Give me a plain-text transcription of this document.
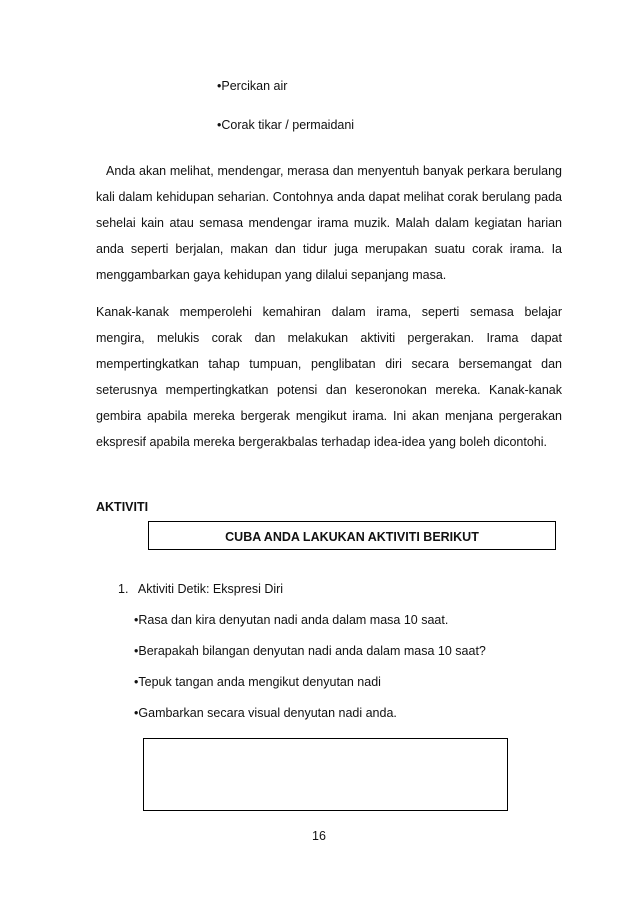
•Percikan air
•Corak tikar / permaidani

Anda akan melihat, mendengar, merasa dan menyentuh banyak perkara berulang kali dalam kehidupan seharian. Contohnya anda dapat melihat corak berulang pada sehelai kain atau semasa mendengar irama muzik. Malah dalam kegiatan harian anda seperti berjalan, makan dan tidur juga merupakan suatu corak irama. Ia menggambarkan gaya kehidupan yang dilalui sepanjang masa.

Kanak-kanak memperolehi kemahiran dalam irama, seperti semasa belajar mengira, melukis corak dan melakukan aktiviti pergerakan. Irama dapat mempertingkatkan tahap tumpuan, penglibatan diri secara bersemangat dan seterusnya mempertingkatkan potensi dan keseronokan mereka. Kanak-kanak gembira apabila mereka bergerak mengikut irama. Ini akan menjana pergerakan ekspresif apabila mereka bergerakbalas terhadap idea-idea yang boleh dicontohi.

AKTIVITI
CUBA ANDA LAKUKAN AKTIVITI BERIKUT
1. Aktiviti Detik: Ekspresi Diri
•Rasa dan kira denyutan nadi anda dalam masa 10 saat.
•Berapakah bilangan denyutan nadi anda dalam masa 10 saat?
•Tepuk tangan anda mengikut denyutan nadi
•Gambarkan secara visual denyutan nadi anda.
16
